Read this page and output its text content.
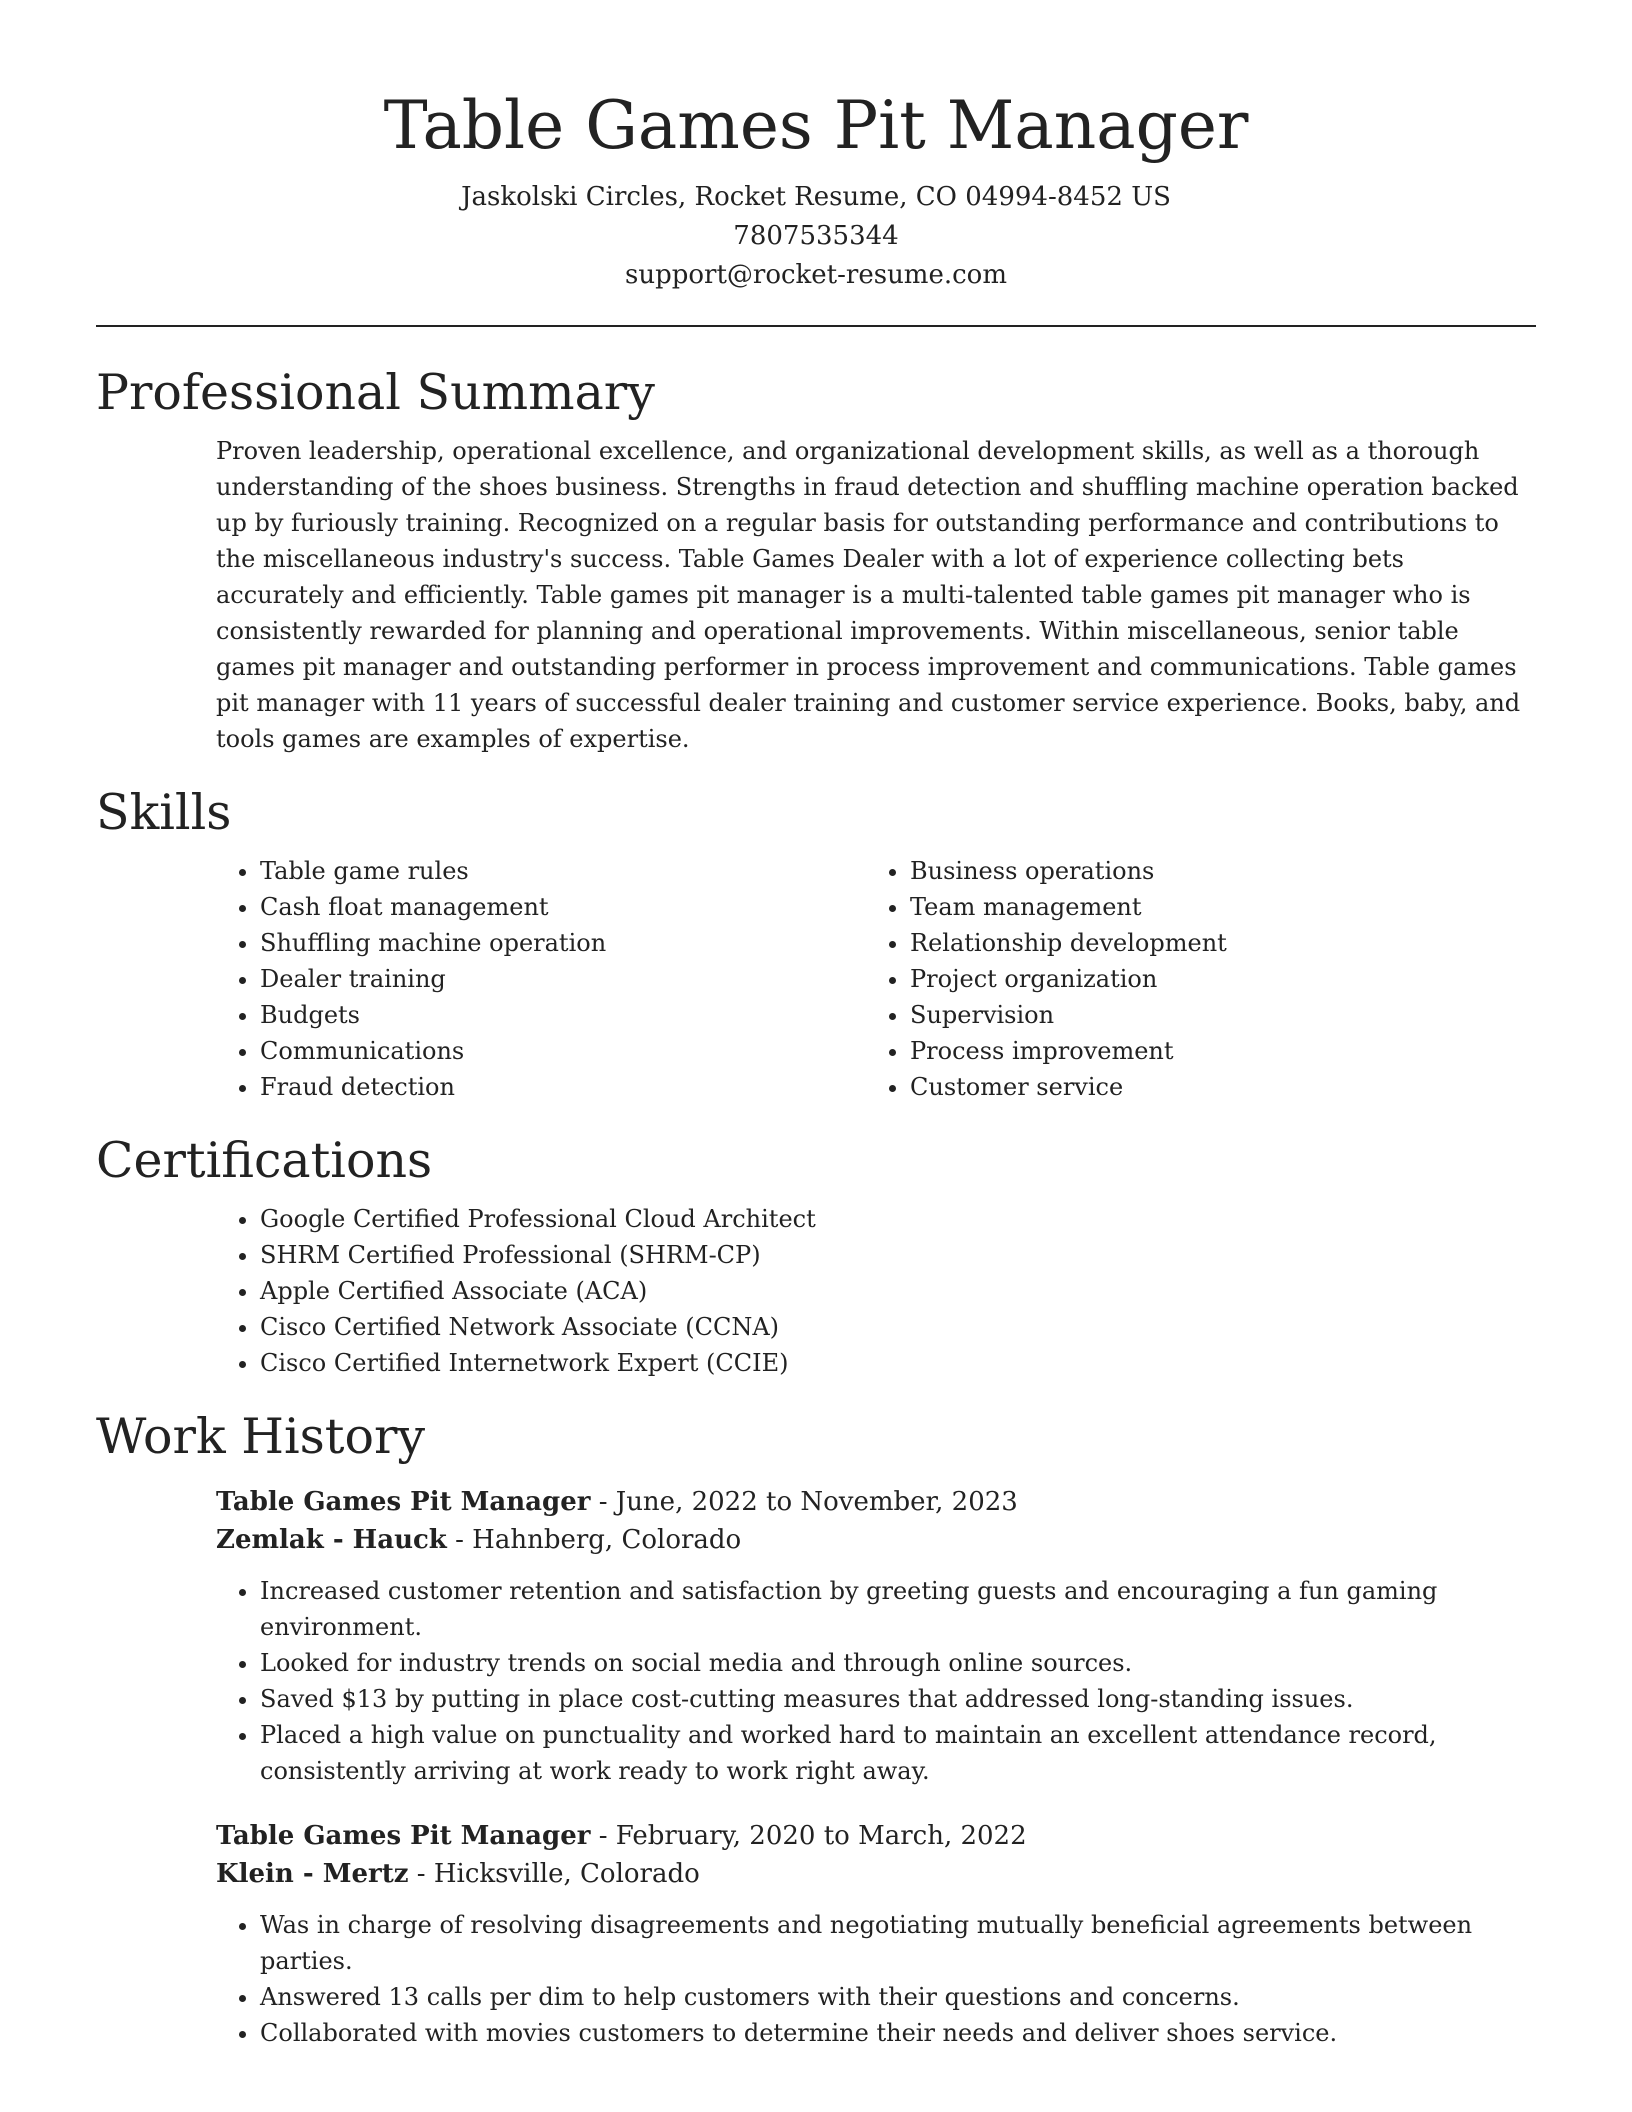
Table Games Pit Manager

Jaskolski Circles, Rocket Resume, CO 04994-8452 US

7807535344

support@rocket-resume.com

Professional Summary

Proven leadership, operational excellence, and organizational development skills, as well as a thorough understanding of the shoes business. Strengths in fraud detection and shuffling machine operation backed up by furiously training. Recognized on a regular basis for outstanding performance and contributions to the miscellaneous industry's success. Table Games Dealer with a lot of experience collecting bets accurately and efficiently. Table games pit manager is a multi-talented table games pit manager who is consistently rewarded for planning and operational improvements. Within miscellaneous, senior table games pit manager and outstanding performer in process improvement and communications. Table games pit manager with 11 years of successful dealer training and customer service experience. Books, baby, and tools games are examples of expertise.

Skills
• Table game rules
• Cash float management
• Shuffling machine operation
• Dealer training
• Budgets
• Communications
• Fraud detection
• Business operations
• Team management
• Relationship development
• Project organization
• Supervision
• Process improvement
• Customer service
Certifications
• Google Certified Professional Cloud Architect
• SHRM Certified Professional (SHRM-CP)
• Apple Certified Associate (ACA)
• Cisco Certified Network Associate (CCNA)
• Cisco Certified Internetwork Expert (CCIE)
Work History

Table Games Pit Manager - June, 2022 to November, 2023

Zemlak - Hauck - Hahnberg, Colorado

• Increased customer retention and satisfaction by greeting guests and encouraging a fun gaming environment.
• Looked for industry trends on social media and through online sources.
• Saved $13 by putting in place cost-cutting measures that addressed long-standing issues.
• Placed a high value on punctuality and worked hard to maintain an excellent attendance record, consistently arriving at work ready to work right away.

Table Games Pit Manager - February, 2020 to March, 2022

Klein - Mertz - Hicksville, Colorado

• Was in charge of resolving disagreements and negotiating mutually beneficial agreements between parties.
• Answered 13 calls per dim to help customers with their questions and concerns.
• Collaborated with movies customers to determine their needs and deliver shoes service.
